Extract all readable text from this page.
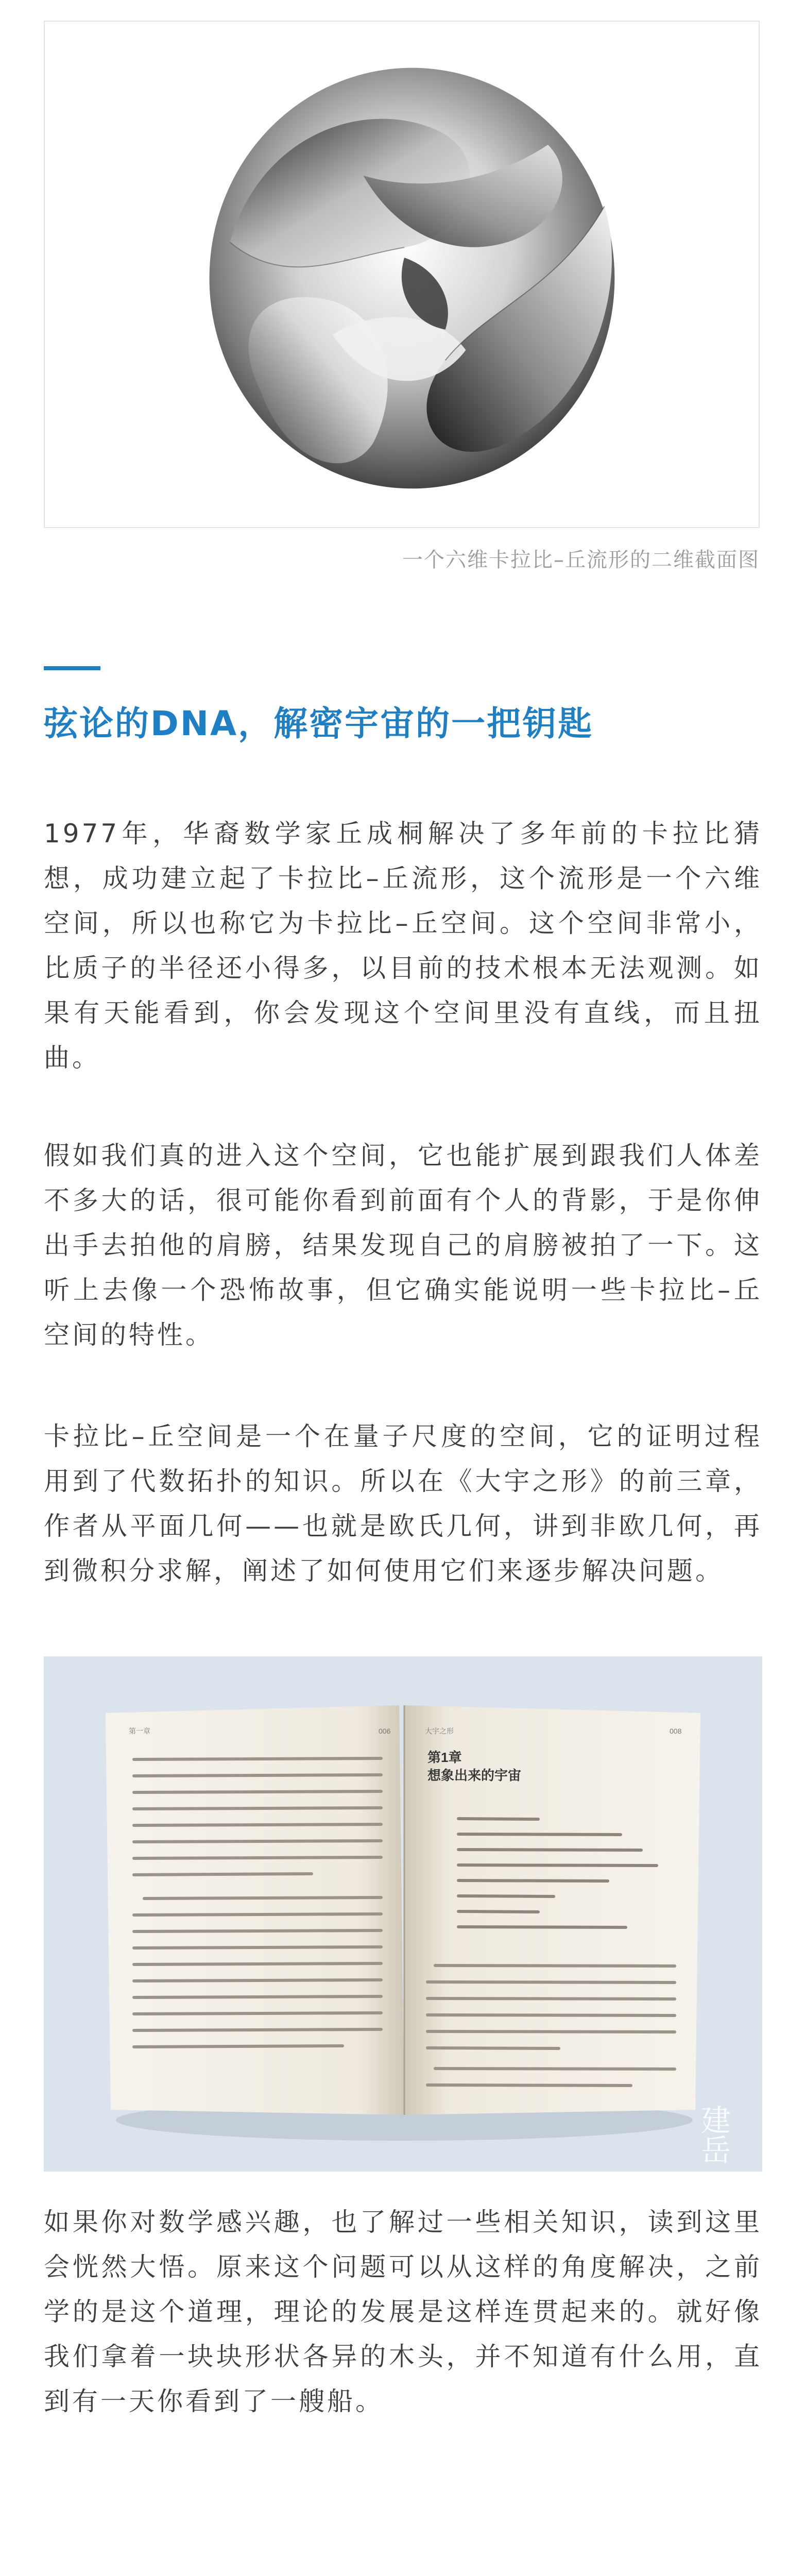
一个六维卡拉比–丘流形的二维截面图
弦论的DNA，解密宇宙的一把钥匙

1977年，华裔数学家丘成桐解决了多年前的卡拉比猜想，成功建立起了卡拉比–丘流形，这个流形是一个六维空间，所以也称它为卡拉比–丘空间。这个空间非常小，比质子的半径还小得多，以目前的技术根本无法观测。如果有天能看到，你会发现这个空间里没有直线，而且扭曲。

假如我们真的进入这个空间，它也能扩展到跟我们人体差不多大的话，很可能你看到前面有个人的背影，于是你伸出手去拍他的肩膀，结果发现自己的肩膀被拍了一下。这听上去像一个恐怖故事，但它确实能说明一些卡拉比–丘空间的特性。

卡拉比–丘空间是一个在量子尺度的空间，它的证明过程用到了代数拓扑的知识。所以在《大宇之形》的前三章，作者从平面几何——也就是欧氏几何，讲到非欧几何，再到微积分求解，阐述了如何使用它们来逐步解决问题。

第一章	006	大宇之形	008
第1章
想象出来的宇宙
建岳

如果你对数学感兴趣，也了解过一些相关知识，读到这里会恍然大悟。原来这个问题可以从这样的角度解决，之前学的是这个道理，理论的发展是这样连贯起来的。就好像我们拿着一块块形状各异的木头，并不知道有什么用，直到有一天你看到了一艘船。
